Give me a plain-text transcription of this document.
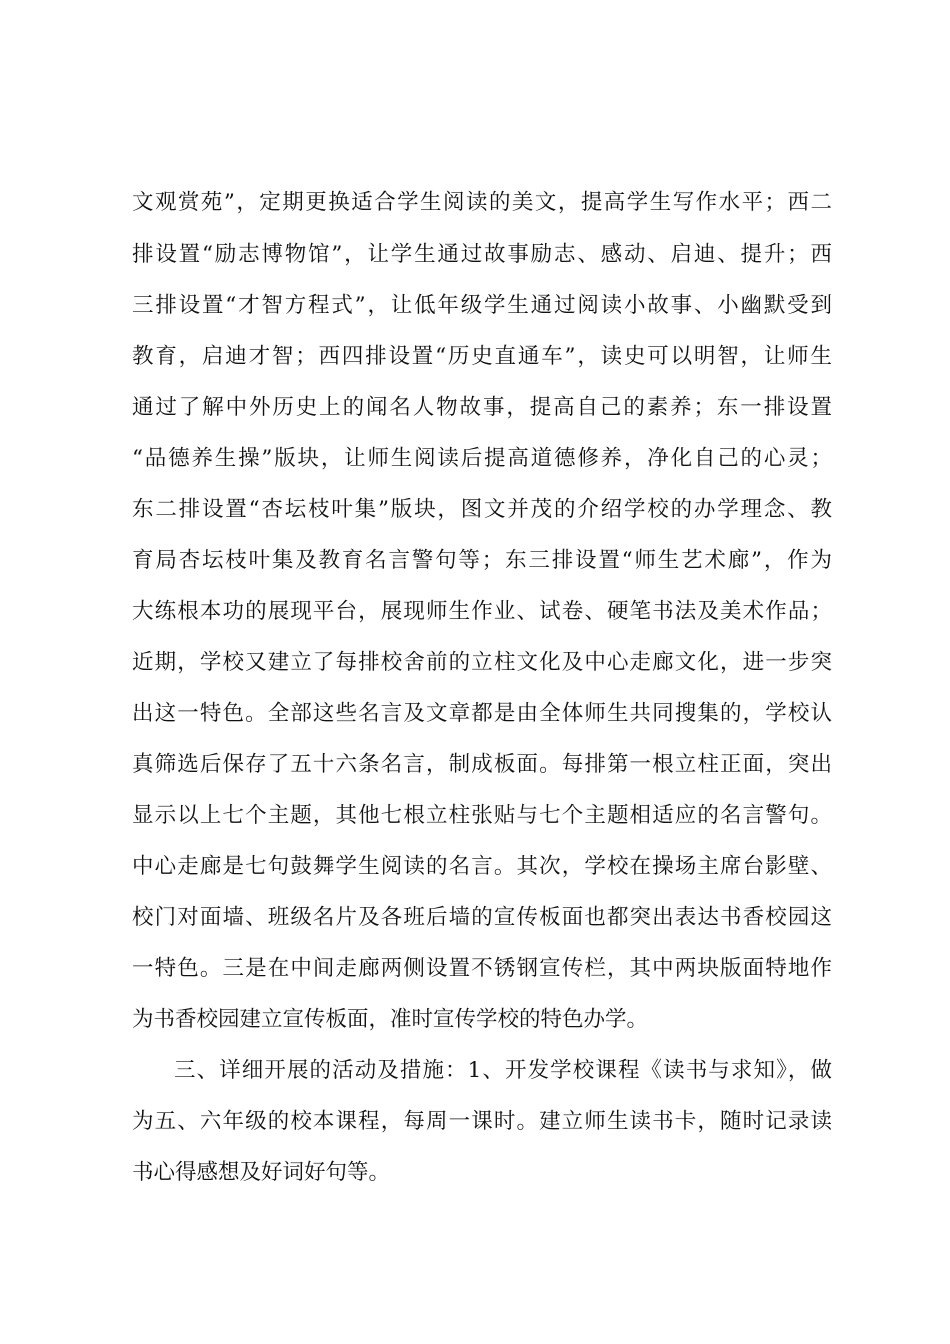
文观赏苑”，定期更换适合学生阅读的美文，提高学生写作水平；西二
排设置“励志博物馆”，让学生通过故事励志、感动、启迪、提升；西
三排设置“才智方程式”，让低年级学生通过阅读小故事、小幽默受到
教育，启迪才智；西四排设置“历史直通车”，读史可以明智，让师生
通过了解中外历史上的闻名人物故事，提高自己的素养；东一排设置
“品德养生操”版块，让师生阅读后提高道德修养，净化自己的心灵；
东二排设置“杏坛枝叶集”版块，图文并茂的介绍学校的办学理念、教
育局杏坛枝叶集及教育名言警句等；东三排设置“师生艺术廊”，作为
大练根本功的展现平台，展现师生作业、试卷、硬笔书法及美术作品；
近期，学校又建立了每排校舍前的立柱文化及中心走廊文化，进一步突
出这一特色。全部这些名言及文章都是由全体师生共同搜集的，学校认
真筛选后保存了五十六条名言，制成板面。每排第一根立柱正面，突出
显示以上七个主题，其他七根立柱张贴与七个主题相适应的名言警句。
中心走廊是七句鼓舞学生阅读的名言。其次，学校在操场主席台影壁、
校门对面墙、班级名片及各班后墙的宣传板面也都突出表达书香校园这
一特色。三是在中间走廊两侧设置不锈钢宣传栏，其中两块版面特地作
为书香校园建立宣传板面，准时宣传学校的特色办学。
三、详细开展的活动及措施：1、开发学校课程《读书与求知》，做
为五、六年级的校本课程，每周一课时。建立师生读书卡，随时记录读
书心得感想及好词好句等。
